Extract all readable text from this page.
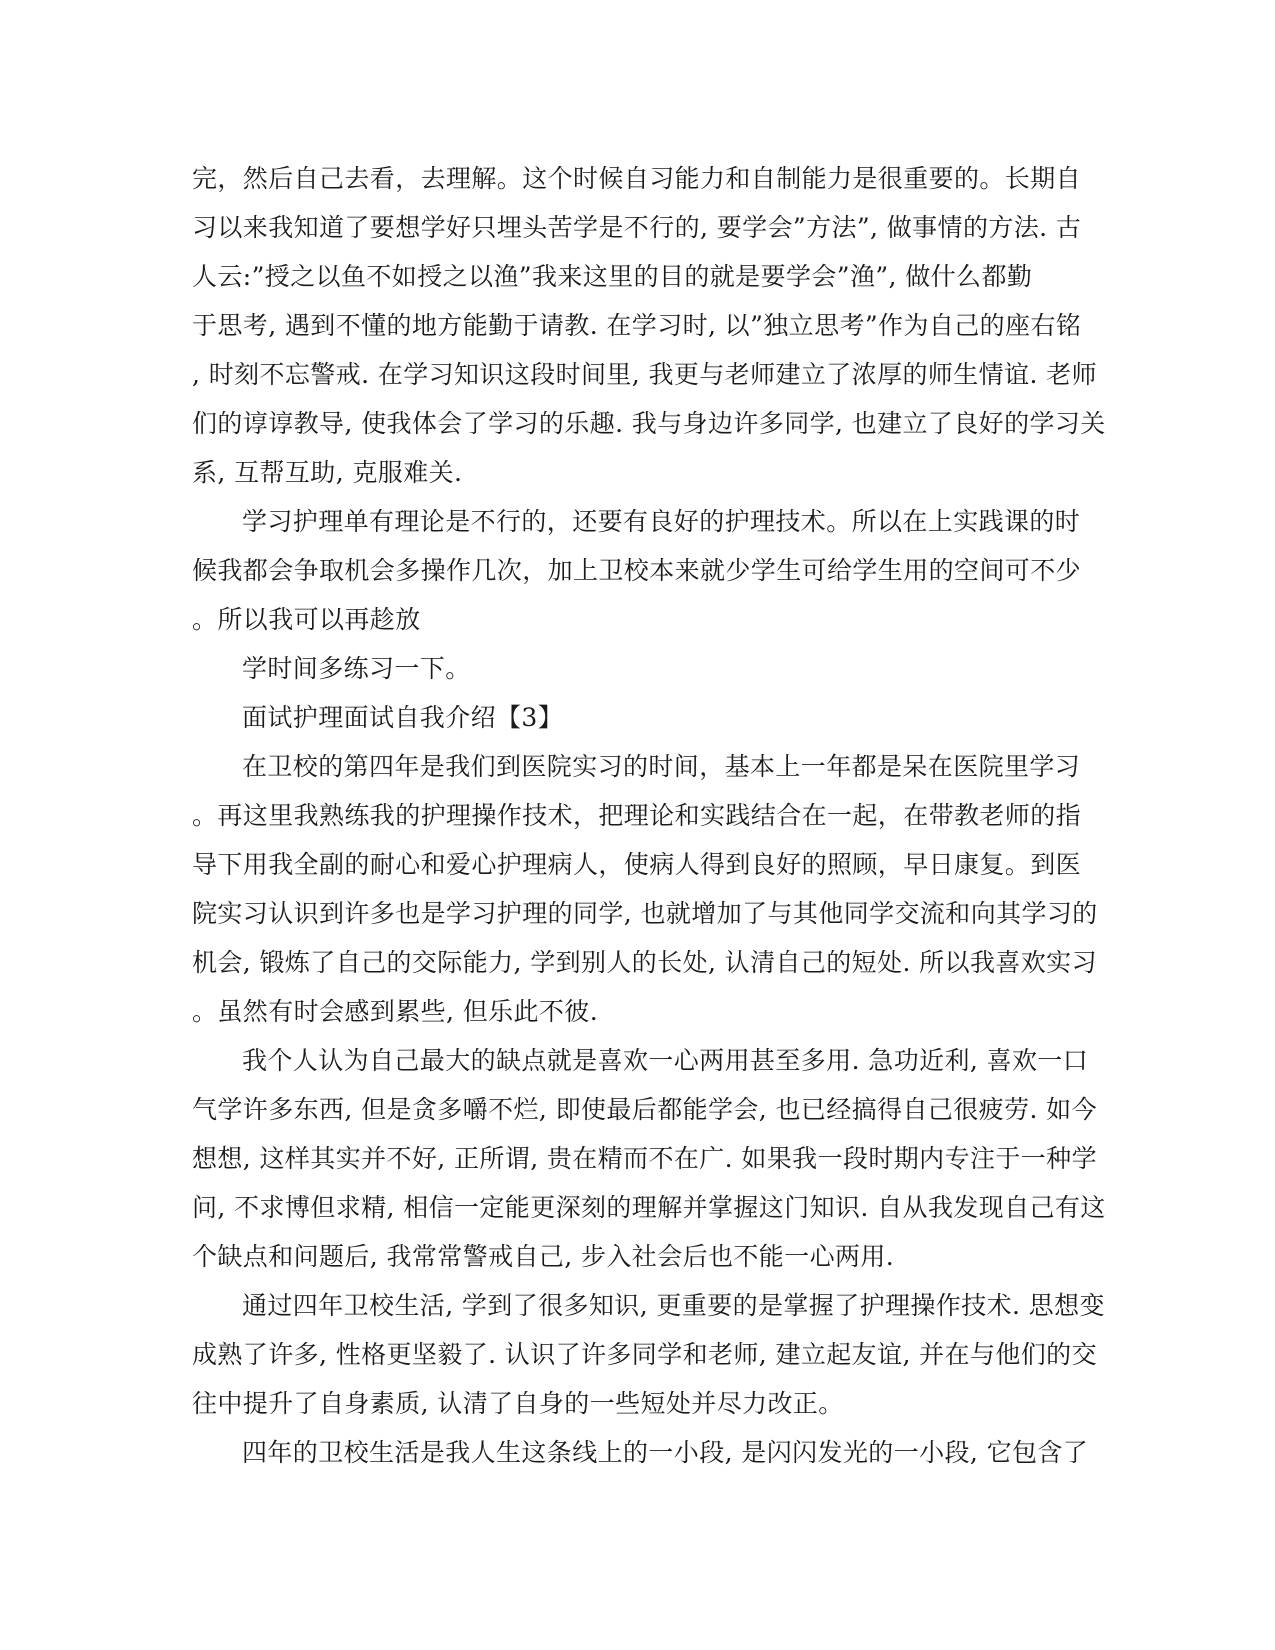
完，然后自己去看，去理解。这个时候自习能力和自制能力是很重要的。长期自
习以来我知道了要想学好只埋头苦学是不行的, 要学会”方法”, 做事情的方法. 古
人云:”授之以鱼不如授之以渔”我来这里的目的就是要学会”渔”, 做什么都勤
于思考, 遇到不懂的地方能勤于请教. 在学习时, 以”独立思考”作为自己的座右铭
, 时刻不忘警戒. 在学习知识这段时间里, 我更与老师建立了浓厚的师生情谊. 老师
们的谆谆教导, 使我体会了学习的乐趣. 我与身边许多同学, 也建立了良好的学习关
系, 互帮互助, 克服难关.
学习护理单有理论是不行的，还要有良好的护理技术。所以在上实践课的时
候我都会争取机会多操作几次，加上卫校本来就少学生可给学生用的空间可不少
。所以我可以再趁放
学时间多练习一下。
面试护理面试自我介绍【3】
在卫校的第四年是我们到医院实习的时间，基本上一年都是呆在医院里学习
。再这里我熟练我的护理操作技术，把理论和实践结合在一起，在带教老师的指
导下用我全副的耐心和爱心护理病人，使病人得到良好的照顾，早日康复。到医
院实习认识到许多也是学习护理的同学, 也就增加了与其他同学交流和向其学习的
机会, 锻炼了自己的交际能力, 学到别人的长处, 认清自己的短处. 所以我喜欢实习
。虽然有时会感到累些, 但乐此不彼.
我个人认为自己最大的缺点就是喜欢一心两用甚至多用. 急功近利, 喜欢一口
气学许多东西, 但是贪多嚼不烂, 即使最后都能学会, 也已经搞得自己很疲劳. 如今
想想, 这样其实并不好, 正所谓, 贵在精而不在广. 如果我一段时期内专注于一种学
问, 不求博但求精, 相信一定能更深刻的理解并掌握这门知识. 自从我发现自己有这
个缺点和问题后, 我常常警戒自己, 步入社会后也不能一心两用.
通过四年卫校生活, 学到了很多知识, 更重要的是掌握了护理操作技术. 思想变
成熟了许多, 性格更坚毅了. 认识了许多同学和老师, 建立起友谊, 并在与他们的交
往中提升了自身素质, 认清了自身的一些短处并尽力改正。
四年的卫校生活是我人生这条线上的一小段, 是闪闪发光的一小段, 它包含了
